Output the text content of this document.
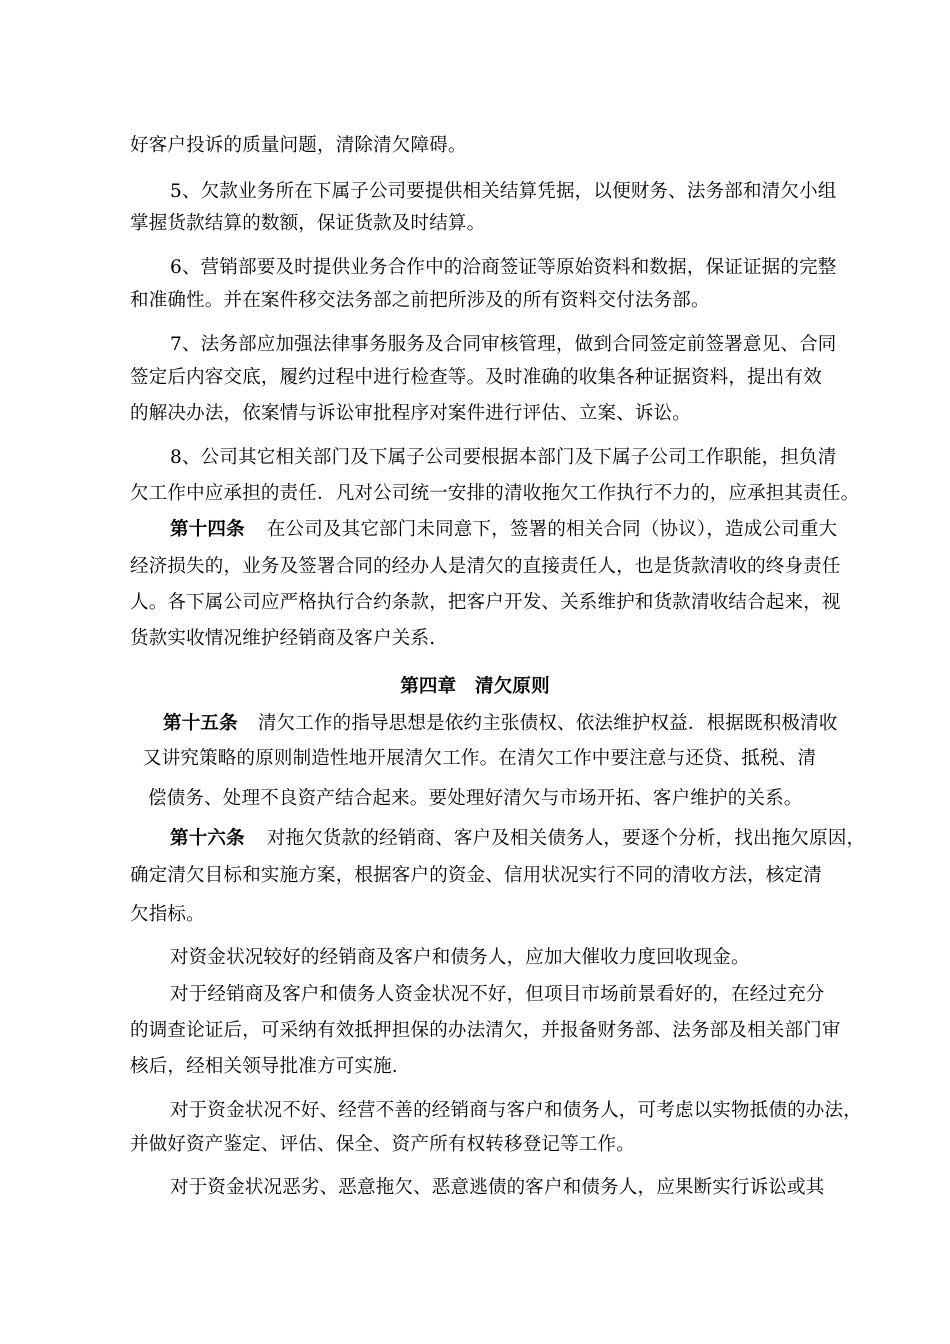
好客户投诉的质量问题，清除清欠障碍。
5、欠款业务所在下属子公司要提供相关结算凭据，以便财务、法务部和清欠小组
掌握货款结算的数额，保证货款及时结算。
6、营销部要及时提供业务合作中的洽商签证等原始资料和数据，保证证据的完整
和准确性。并在案件移交法务部之前把所涉及的所有资料交付法务部。
7、法务部应加强法律事务服务及合同审核管理，做到合同签定前签署意见、合同
签定后内容交底，履约过程中进行检查等。及时准确的收集各种证据资料，提出有效
的解决办法，依案情与诉讼审批程序对案件进行评估、立案、诉讼。
8、公司其它相关部门及下属子公司要根据本部门及下属子公司工作职能，担负清
欠工作中应承担的责任．凡对公司统一安排的清收拖欠工作执行不力的，应承担其责任。
第十四条 在公司及其它部门未同意下，签署的相关合同（协议），造成公司重大
经济损失的，业务及签署合同的经办人是清欠的直接责任人，也是货款清收的终身责任
人。各下属公司应严格执行合约条款，把客户开发、关系维护和货款清收结合起来，视
货款实收情况维护经销商及客户关系.
第四章　清欠原则
第十五条 清欠工作的指导思想是依约主张债权、依法维护权益．根据既积极清收
又讲究策略的原则制造性地开展清欠工作。在清欠工作中要注意与还贷、抵税、清
偿债务、处理不良资产结合起来。要处理好清欠与市场开拓、客户维护的关系。
第十六条 对拖欠货款的经销商、客户及相关债务人，要逐个分析，找出拖欠原因，
确定清欠目标和实施方案，根据客户的资金、信用状况实行不同的清收方法，核定清
欠指标。
对资金状况较好的经销商及客户和债务人，应加大催收力度回收现金。
对于经销商及客户和债务人资金状况不好，但项目市场前景看好的，在经过充分
的调查论证后，可采纳有效抵押担保的办法清欠，并报备财务部、法务部及相关部门审
核后，经相关领导批准方可实施.
对于资金状况不好、经营不善的经销商与客户和债务人，可考虑以实物抵债的办法，
并做好资产鉴定、评估、保全、资产所有权转移登记等工作。
对于资金状况恶劣、恶意拖欠、恶意逃债的客户和债务人，应果断实行诉讼或其
